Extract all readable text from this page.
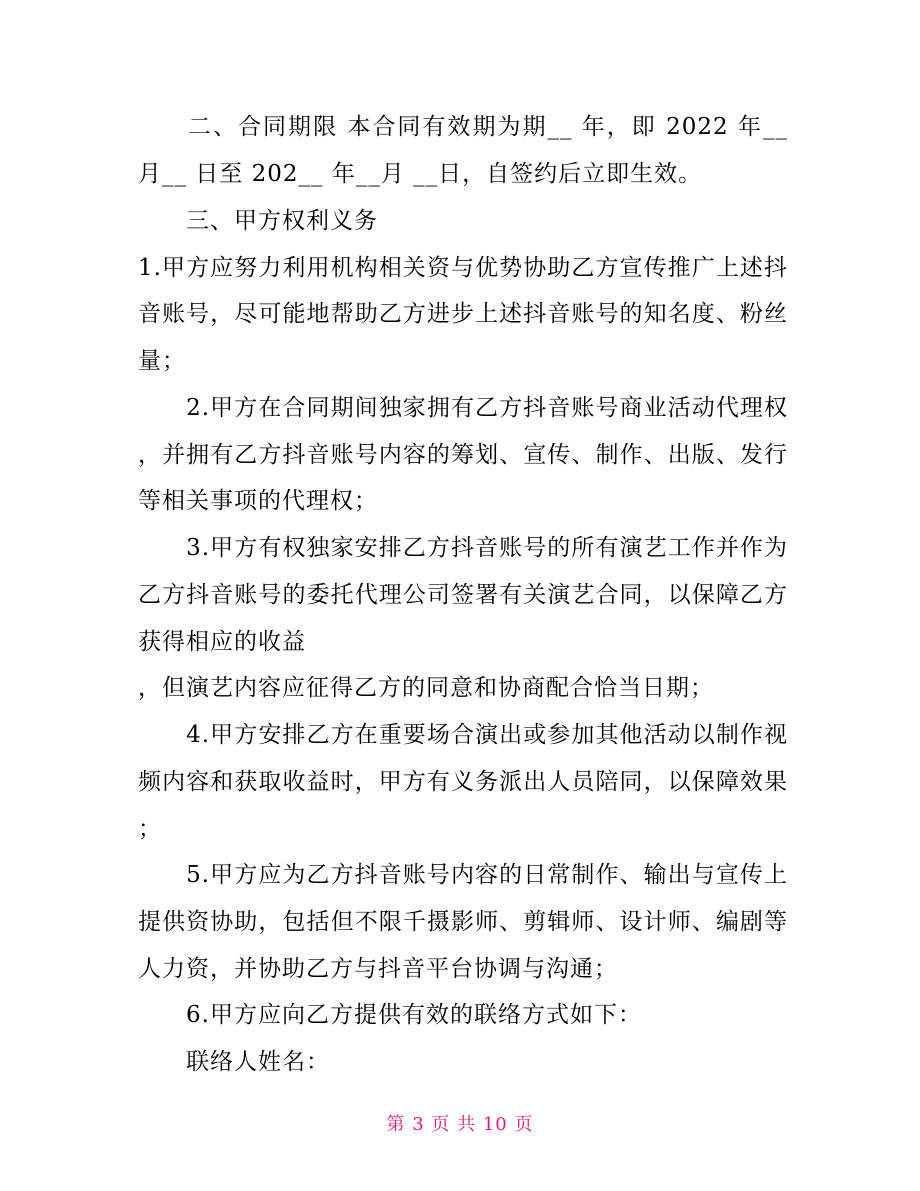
　　二、合同期限 本合同有效期为期__ 年，即 2022 年__
月__ 日至 202__ 年__月 __日，自签约后立即生效。
　　三、甲方权利义务
1.甲方应努力利用机构相关资与优势协助乙方宣传推广上述抖
音账号，尽可能地帮助乙方进步上述抖音账号的知名度、粉丝
量；
　　2.甲方在合同期间独家拥有乙方抖音账号商业活动代理权
，并拥有乙方抖音账号内容的筹划、宣传、制作、出版、发行
等相关事项的代理权；
　　3.甲方有权独家安排乙方抖音账号的所有演艺工作并作为
乙方抖音账号的委托代理公司签署有关演艺合同，以保障乙方
获得相应的收益
，但演艺内容应征得乙方的同意和协商配合恰当日期；
　　4.甲方安排乙方在重要场合演出或参加其他活动以制作视
频内容和获取收益时，甲方有义务派出人员陪同，以保障效果
；
　　5.甲方应为乙方抖音账号内容的日常制作、输出与宣传上
提供资协助，包括但不限千摄影师、剪辑师、设计师、编剧等
人力资，并协助乙方与抖音平台协调与沟通；
　　6.甲方应向乙方提供有效的联络方式如下：
　　联络人姓名：
第 3 页 共 10 页
